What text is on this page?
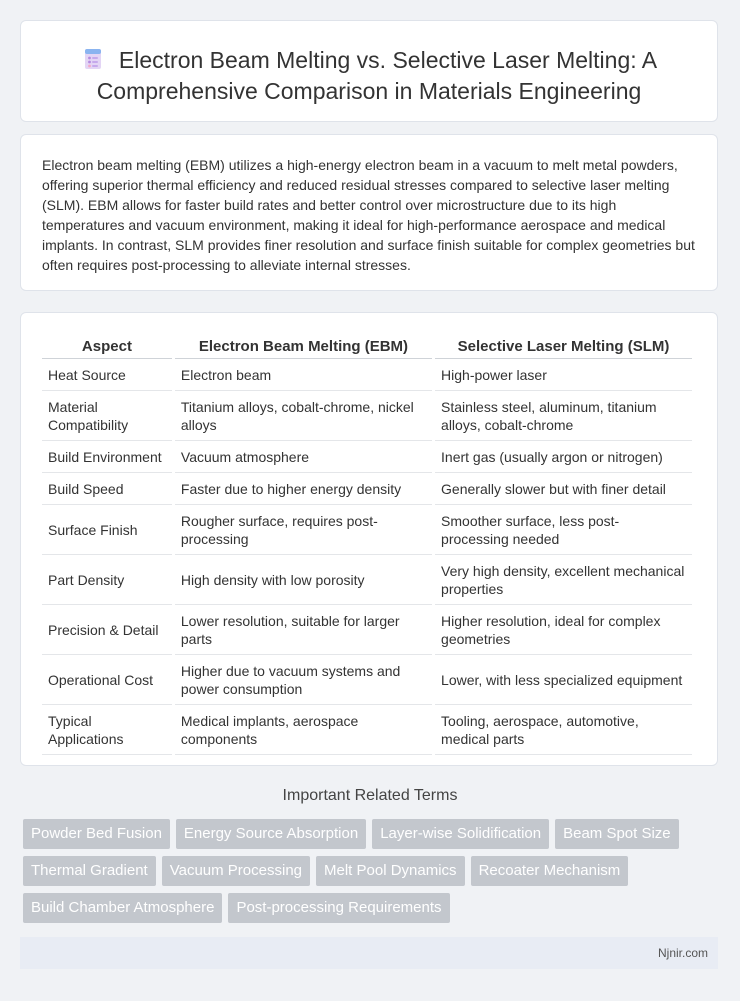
Electron Beam Melting vs. Selective Laser Melting: A Comprehensive Comparison in Materials Engineering

Electron beam melting (EBM) utilizes a high-energy electron beam in a vacuum to melt metal powders, offering superior thermal efficiency and reduced residual stresses compared to selective laser melting (SLM). EBM allows for faster build rates and better control over microstructure due to its high temperatures and vacuum environment, making it ideal for high-performance aerospace and medical implants. In contrast, SLM provides finer resolution and surface finish suitable for complex geometries but often requires post-processing to alleviate internal stresses.

Aspect	Electron Beam Melting (EBM)	Selective Laser Melting (SLM)
Heat Source	Electron beam	High-power laser
Material Compatibility	Titanium alloys, cobalt-chrome, nickel alloys	Stainless steel, aluminum, titanium alloys, cobalt-chrome
Build Environment	Vacuum atmosphere	Inert gas (usually argon or nitrogen)
Build Speed	Faster due to higher energy density	Generally slower but with finer detail
Surface Finish	Rougher surface, requires post-processing	Smoother surface, less post-processing needed
Part Density	High density with low porosity	Very high density, excellent mechanical properties
Precision & Detail	Lower resolution, suitable for larger parts	Higher resolution, ideal for complex geometries
Operational Cost	Higher due to vacuum systems and power consumption	Lower, with less specialized equipment
Typical Applications	Medical implants, aerospace components	Tooling, aerospace, automotive, medical parts
Important Related Terms
Powder Bed Fusion	Energy Source Absorption	Layer-wise Solidification	Beam Spot Size
Thermal Gradient	Vacuum Processing	Melt Pool Dynamics	Recoater Mechanism
Build Chamber Atmosphere	Post-processing Requirements
Njnir.com
